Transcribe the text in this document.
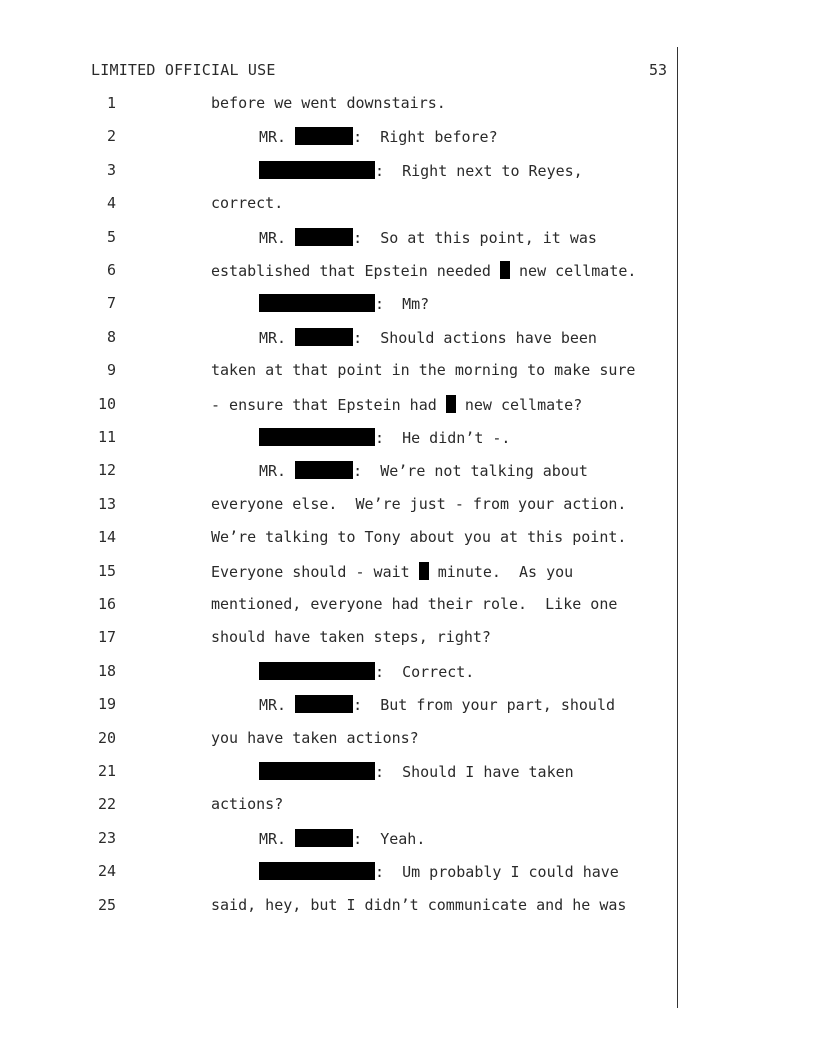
LIMITED OFFICIAL USE	53
1	before we went downstairs.
2	MR.	:  Right before?
3	:  Right next to Reyes,
4	correct.
5	MR.	:  So at this point, it was
6	established that Epstein needed  new cellmate.
7	:  Mm?
8	MR.	:  Should actions have been
9	taken at that point in the morning to make sure
10	- ensure that Epstein had  new cellmate?
11	:  He didn’t -.
12	MR.	:  We’re not talking about
13	everyone else.  We’re just - from your action.
14	We’re talking to Tony about you at this point.
15	Everyone should - wait  minute.  As you
16	mentioned, everyone had their role.  Like one
17	should have taken steps, right?
18	:  Correct.
19	MR.	:  But from your part, should
20	you have taken actions?
21	:  Should I have taken
22	actions?
23	MR.	:  Yeah.
24	:  Um probably I could have
25	said, hey, but I didn’t communicate and he was
